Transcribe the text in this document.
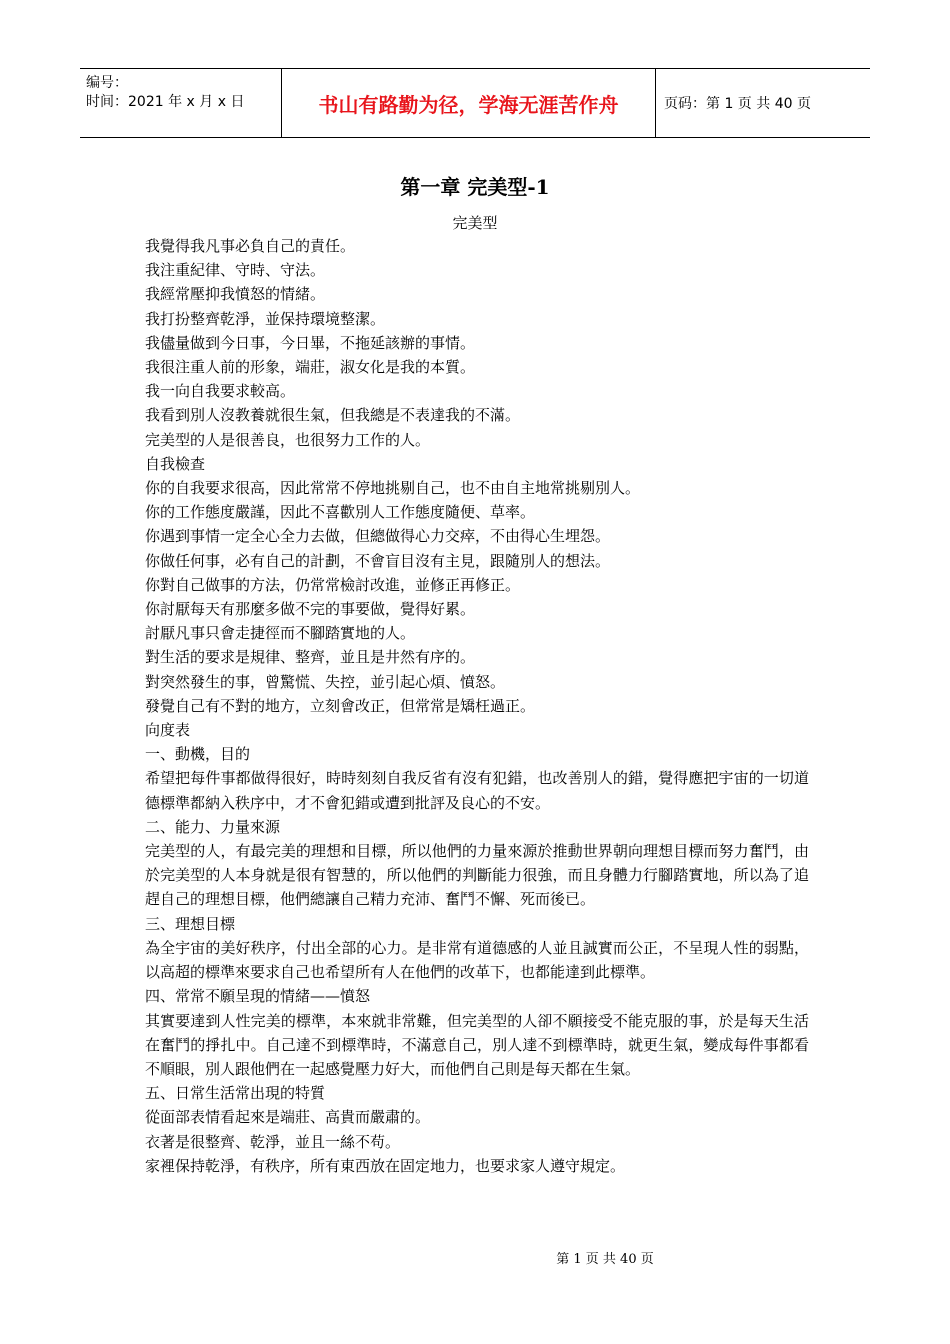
编号：
时间：2021 年 x 月 x 日	书山有路勤为径，学海无涯苦作舟	页码：第 1 页 共 40 页
第一章 完美型-1
完美型

我覺得我凡事必負自己的責任。

我注重紀律、守時、守法。

我經常壓抑我憤怒的情緒。

我打扮整齊乾淨，並保持環境整潔。

我儘量做到今日事，今日畢，不拖延該辦的事情。

我很注重人前的形象，端莊，淑女化是我的本質。

我一向自我要求較高。

我看到別人沒教養就很生氣，但我總是不表達我的不滿。

完美型的人是很善良，也很努力工作的人。

自我檢查

你的自我要求很高，因此常常不停地挑剔自己，也不由自主地常挑剔別人。

你的工作態度嚴謹，因此不喜歡別人工作態度隨便、草率。

你遇到事情一定全心全力去做，但總做得心力交瘁，不由得心生埋怨。

你做任何事，必有自己的計劃，不會盲目沒有主見，跟隨別人的想法。

你對自己做事的方法，仍常常檢討改進，並修正再修正。

你討厭每天有那麼多做不完的事要做，覺得好累。

討厭凡事只會走捷徑而不腳踏實地的人。

對生活的要求是規律、整齊，並且是井然有序的。

對突然發生的事，曾驚慌、失控，並引起心煩、憤怒。

發覺自己有不對的地方，立刻會改正，但常常是矯枉過正。

向度表

一、動機，目的

希望把每件事都做得很好，時時刻刻自我反省有沒有犯錯，也改善別人的錯，覺得應把宇宙的一切道德標準都納入秩序中，才不會犯錯或遭到批評及良心的不安。

二、能力、力量來源

完美型的人，有最完美的理想和目標，所以他們的力量來源於推動世界朝向理想目標而努力奮鬥，由於完美型的人本身就是很有智慧的，所以他們的判斷能力很強，而且身體力行腳踏實地，所以為了追趕自己的理想目標，他們總讓自己精力充沛、奮鬥不懈、死而後已。

三、理想目標

為全宇宙的美好秩序，付出全部的心力。是非常有道德感的人並且誠實而公正，不呈現人性的弱點，以高超的標準來要求自己也希望所有人在他們的改革下，也都能達到此標準。

四、常常不願呈現的情緒——憤怒

其實要達到人性完美的標準，本來就非常難，但完美型的人卻不願接受不能克服的事，於是每天生活在奮鬥的掙扎中。自己達不到標準時，不滿意自己，別人達不到標準時，就更生氣，變成每件事都看不順眼，別人跟他們在一起感覺壓力好大，而他們自己則是每天都在生氣。

五、日常生活常出現的特質

從面部表情看起來是端莊、高貴而嚴肅的。

衣著是很整齊、乾淨，並且一絲不苟。

家裡保持乾淨，有秩序，所有東西放在固定地力，也要求家人遵守規定。

第 1 页 共 40 页
